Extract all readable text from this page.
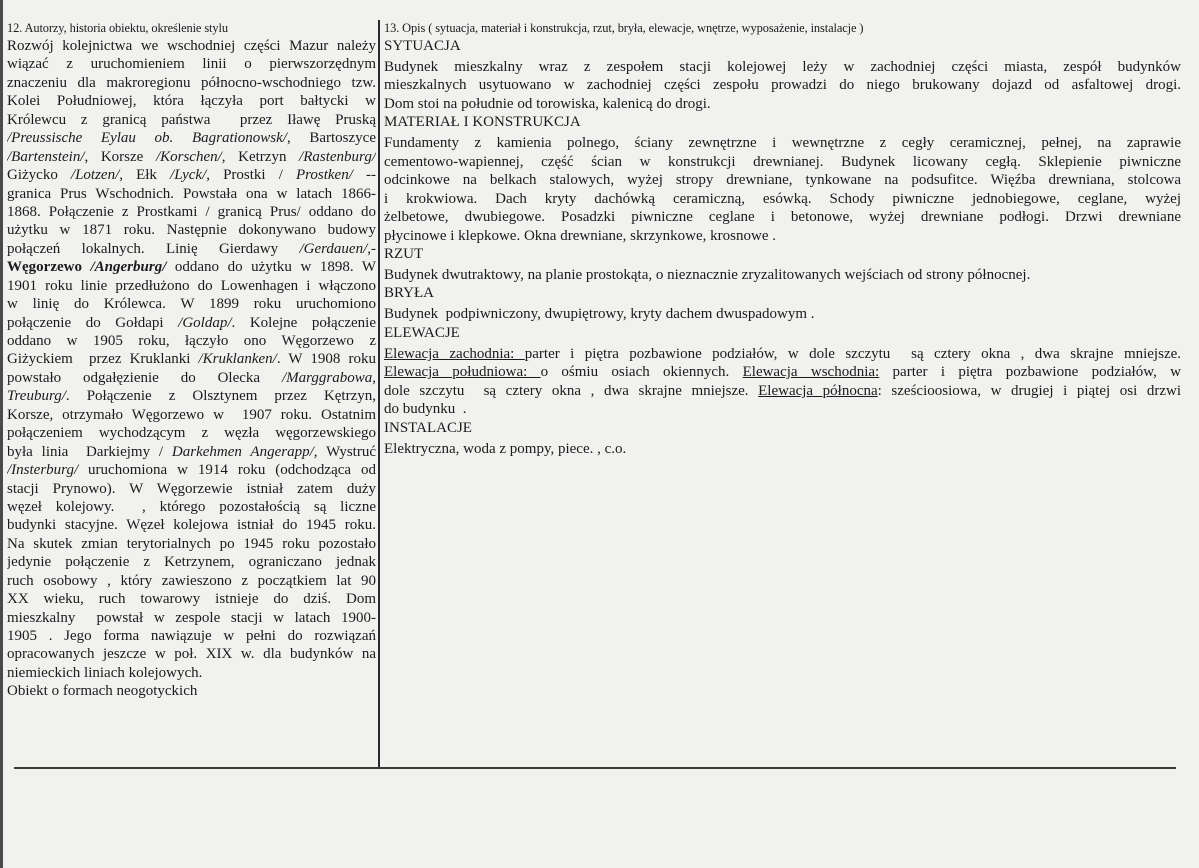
12. Autorzy, historia obiektu, określenie stylu
Rozwój kolejnictwa we wschodniej części Mazur należy
wiązać z uruchomieniem linii o pierwszorzędnym
znaczeniu dla makroregionu północno-wschodniego tzw.
Kolei Południowej, która łączyła port bałtycki w
Królewcu z granicą państwa  przez Iławę Pruską
/Preussische Eylau ob. Bagrationowsk/, Bartoszyce
/Bartenstein/, Korsze /Korschen/, Ketrzyn /Rastenburg/
Giżycko /Lotzen/, Ełk /Lyck/, Prostki / Prostken/ --
granica Prus Wschodnich. Powstała ona w latach 1866-
1868. Połączenie z Prostkami / granicą Prus/ oddano do
użytku w 1871 roku. Następnie dokonywano budowy
połączeń lokalnych. Linię Gierdawy /Gerdauen/,-
Węgorzewo /Angerburg/ oddano do użytku w 1898. W
1901 roku linie przedłużono do Lowenhagen i włączono
w linię do Królewca. W 1899 roku uruchomiono
połączenie do Gołdapi /Goldap/. Kolejne połączenie
oddano w 1905 roku, łączyło ono Węgorzewo z
Giżyckiem  przez Kruklanki /Kruklanken/. W 1908 roku
powstało odgałęzienie do Olecka /Marggrabowa,
Treuburg/. Połączenie z Olsztynem przez Kętrzyn,
Korsze, otrzymało Węgorzewo w  1907 roku. Ostatnim
połączeniem wychodzącym z węzła węgorzewskiego
była linia  Darkiejmy / Darkehmen Angerapp/, Wystruć
/Insterburg/ uruchomiona w 1914 roku (odchodząca od
stacji Prynowo). W Węgorzewie istniał zatem duży
węzeł kolejowy.  , którego pozostałością są liczne
budynki stacyjne. Węzeł kolejowa istniał do 1945 roku.
Na skutek zmian terytorialnych po 1945 roku pozostało
jedynie połączenie z Ketrzynem, ograniczano jednak
ruch osobowy , który zawieszono z początkiem lat 90
XX wieku, ruch towarowy istnieje do dziś. Dom
mieszkalny  powstał w zespole stacji w latach 1900-
1905 . Jego forma nawiązuje w pełni do rozwiązań
opracowanych jeszcze w poł. XIX w. dla budynków na
niemieckich liniach kolejowych.
Obiekt o formach neogotyckich
13. Opis ( sytuacja, materiał i konstrukcja, rzut, bryła, elewacje, wnętrze, wyposażenie, instalacje )
SYTUACJA
Budynek mieszkalny wraz z zespołem stacji kolejowej leży w zachodniej części miasta, zespół budynków
mieszkalnych usytuowano w zachodniej części zespołu prowadzi do niego brukowany dojazd od asfaltowej drogi.
Dom stoi na południe od torowiska, kalenicą do drogi.
MATERIAŁ I KONSTRUKCJA
Fundamenty z kamienia polnego, ściany zewnętrzne i wewnętrzne z cegły ceramicznej, pełnej, na zaprawie
cementowo-wapiennej, część ścian w konstrukcji drewnianej. Budynek licowany cegłą. Sklepienie piwniczne
odcinkowe na belkach stalowych, wyżej stropy drewniane, tynkowane na podsufitce. Więźba drewniana, stolcowa
i krokwiowa. Dach kryty dachówką ceramiczną, esówką. Schody piwniczne jednobiegowe, ceglane, wyżej
żelbetowe, dwubiegowe. Posadzki piwniczne ceglane i betonowe, wyżej drewniane podłogi. Drzwi drewniane
płycinowe i klepkowe. Okna drewniane, skrzynkowe, krosnowe .
RZUT
Budynek dwutraktowy, na planie prostokąta, o nieznacznie zryzalitowanych wejściach od strony północnej.
BRYŁA
Budynek  podpiwniczony, dwupiętrowy, kryty dachem dwuspadowym .
ELEWACJE
Elewacja zachodnia: parter i piętra pozbawione podziałów, w dole szczytu  są cztery okna , dwa skrajne mniejsze.
Elewacja południowa: o ośmiu osiach okiennych. Elewacja wschodnia: parter i piętra pozbawione podziałów, w
dole szczytu  są cztery okna , dwa skrajne mniejsze. Elewacja północna: sześcioosiowa, w drugiej i piątej osi drzwi
do budynku  .
INSTALACJE
Elektryczna, woda z pompy, piece. , c.o.
